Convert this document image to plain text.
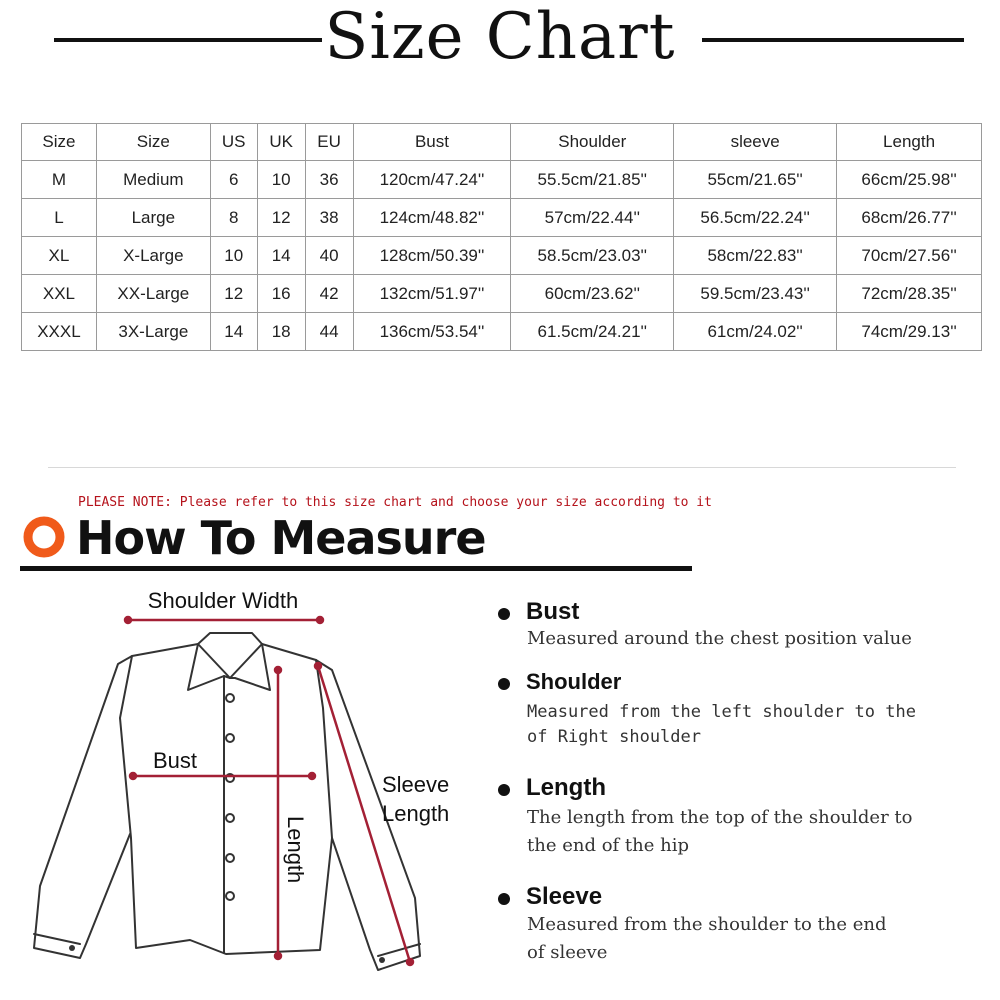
Size Chart
Size	Size	US	UK	EU	Bust	Shoulder	sleeve	Length
M	Medium	6	10	36	120cm/47.24''	55.5cm/21.85''	55cm/21.65''	66cm/25.98''
L	Large	8	12	38	124cm/48.82''	57cm/22.44''	56.5cm/22.24''	68cm/26.77''
XL	X-Large	10	14	40	128cm/50.39''	58.5cm/23.03''	58cm/22.83''	70cm/27.56''
XXL	XX-Large	12	16	42	132cm/51.97''	60cm/23.62''	59.5cm/23.43''	72cm/28.35''
XXXL	3X-Large	14	18	44	136cm/53.54''	61.5cm/24.21''	61cm/24.02''	74cm/29.13''
PLEASE NOTE: Please refer to this size chart and choose your size according to it
How To Measure
Shoulder Width
Bust
Sleeve
Length
Length
Bust
Measured around the chest position value
Shoulder
Measured from the left shoulder to the
of Right shoulder
Length
The length from the top of the shoulder to
the end of the hip
Sleeve
Measured from the shoulder to the end
of sleeve
